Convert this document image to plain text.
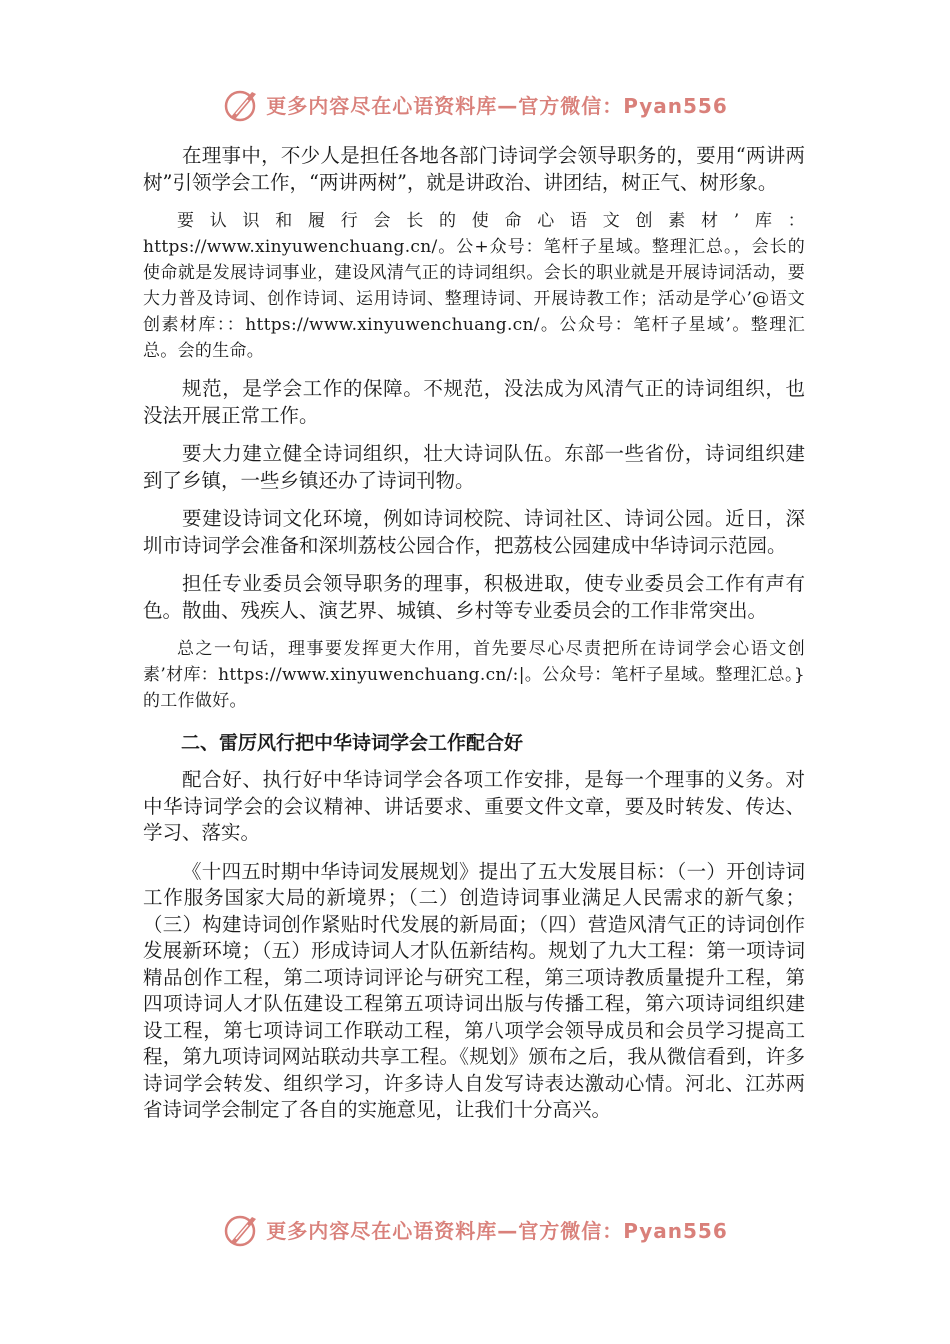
更多内容尽在心语资料库—官方微信：Pyan556

在理事中，不少人是担任各地各部门诗词学会领导职务的，要用“两讲两树”引领学会工作，“两讲两树”，就是讲政治、讲团结，树正气、树形象。

要认识和履行会长的使命心语文创素材’库：https://www.xinyuwenchuang.cn/。公+众号：笔杆子星域。整理汇总。，会长的使命就是发展诗词事业，建设风清气正的诗词组织。会长的职业就是开展诗词活动，要大力普及诗词、创作诗词、运用诗词、整理诗词、开展诗教工作；活动是学心’@语文创素材库：：https://www.xinyuwenchuang.cn/。公众号：笔杆子星域’。整理汇总。会的生命。

规范，是学会工作的保障。不规范，没法成为风清气正的诗词组织，也没法开展正常工作。

要大力建立健全诗词组织，壮大诗词队伍。东部一些省份，诗词组织建到了乡镇，一些乡镇还办了诗词刊物。

要建设诗词文化环境，例如诗词校院、诗词社区、诗词公园。近日，深圳市诗词学会准备和深圳荔枝公园合作，把荔枝公园建成中华诗词示范园。

担任专业委员会领导职务的理事，积极进取，使专业委员会工作有声有色。散曲、残疾人、演艺界、城镇、乡村等专业委员会的工作非常突出。

总之一句话，理事要发挥更大作用，首先要尽心尽责把所在诗词学会心语文创素’材库：https://www.xinyuwenchuang.cn/:|。公众号：笔杆子星域。整理汇总。}的工作做好。

二、雷厉风行把中华诗词学会工作配合好

配合好、执行好中华诗词学会各项工作安排，是每一个理事的义务。对中华诗词学会的会议精神、讲话要求、重要文件文章，要及时转发、传达、学习、落实。

《十四五时期中华诗词发展规划》提出了五大发展目标：（一）开创诗词工作服务国家大局的新境界；（二）创造诗词事业满足人民需求的新气象；（三）构建诗词创作紧贴时代发展的新局面；（四）营造风清气正的诗词创作发展新环境；（五）形成诗词人才队伍新结构。规划了九大工程：第一项诗词精品创作工程，第二项诗词评论与研究工程，第三项诗教质量提升工程，第四项诗词人才队伍建设工程第五项诗词出版与传播工程，第六项诗词组织建设工程，第七项诗词工作联动工程，第八项学会领导成员和会员学习提高工程，第九项诗词网站联动共享工程。《规划》颁布之后，我从微信看到，许多诗词学会转发、组织学习，许多诗人自发写诗表达激动心情。河北、江苏两省诗词学会制定了各自的实施意见，让我们十分高兴。

更多内容尽在心语资料库—官方微信：Pyan556
